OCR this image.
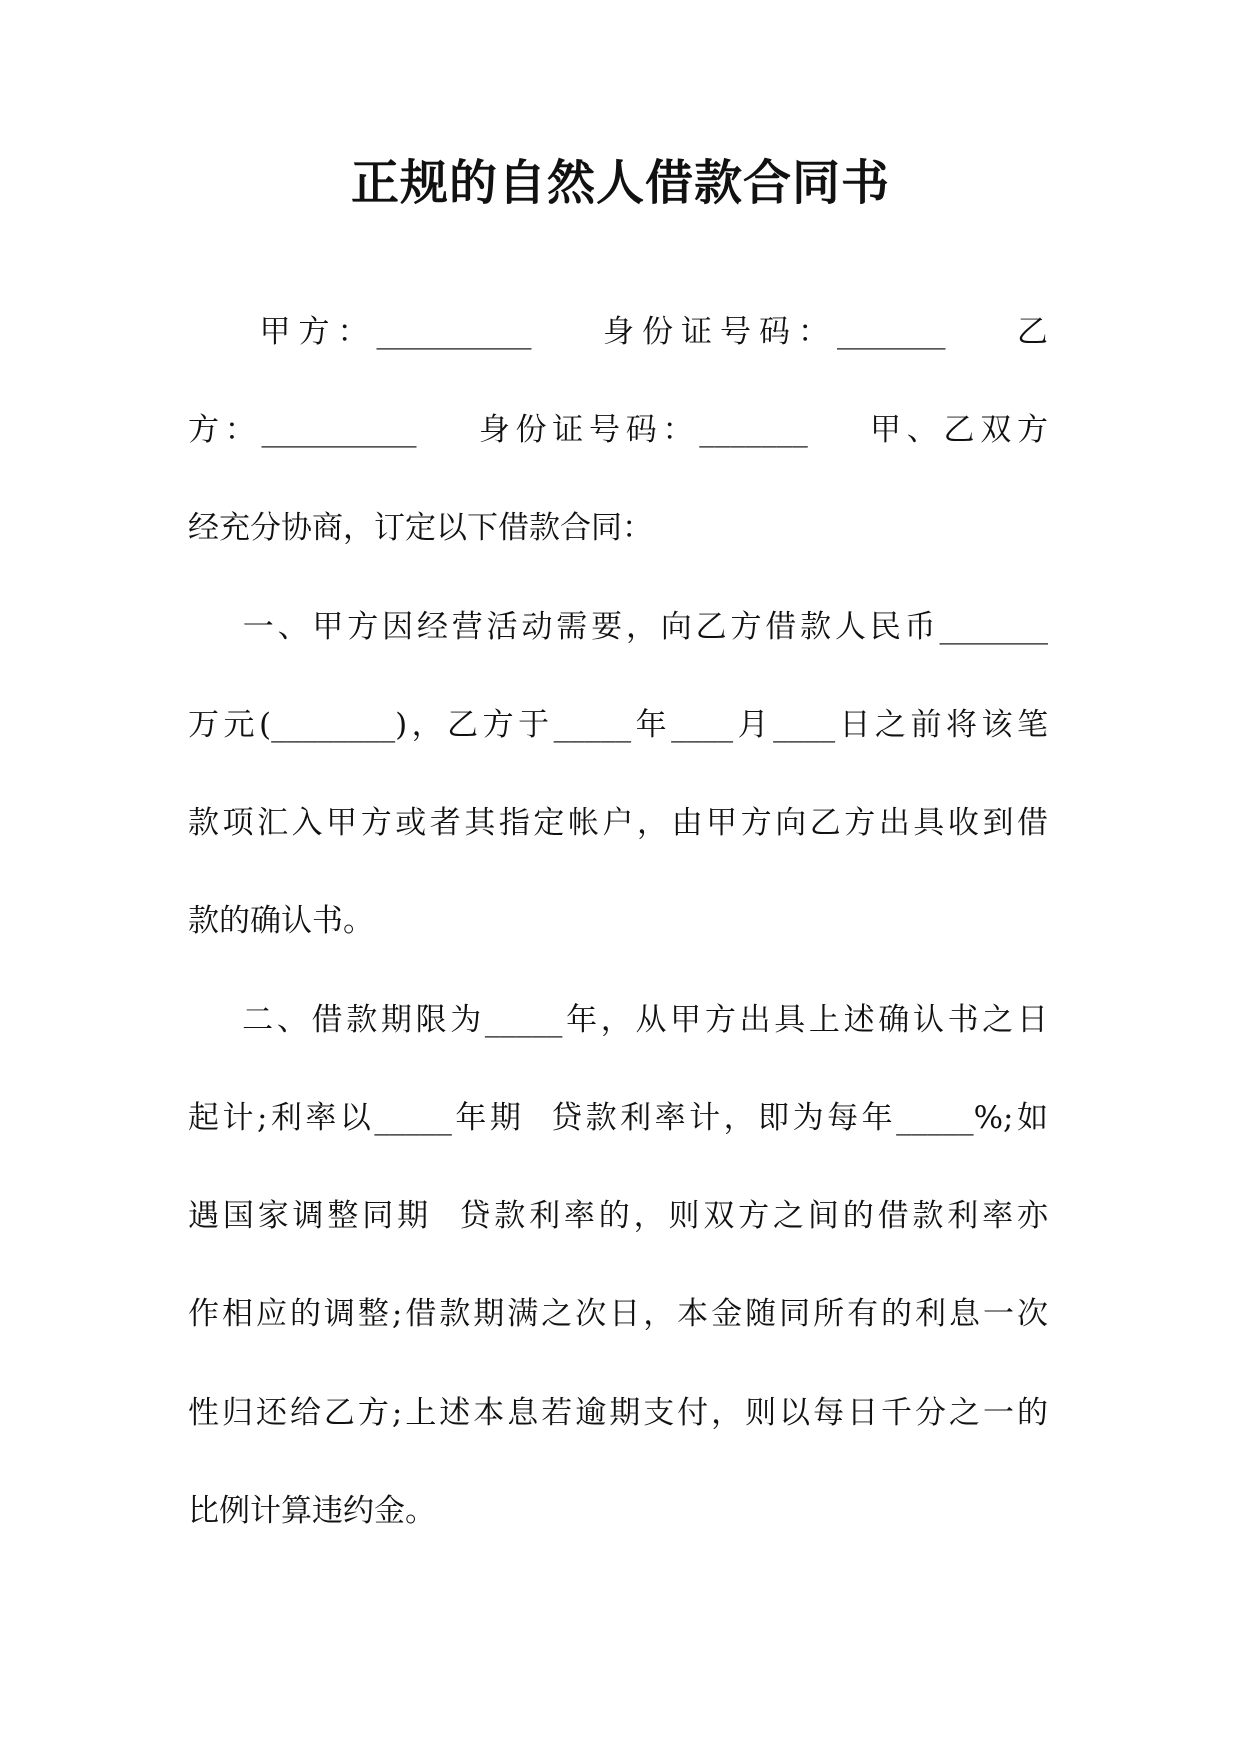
正规的自然人借款合同书

甲方：__________    身份证号码：_______    乙

方：__________    身份证号码：_______    甲、乙双方

经充分协商，订定以下借款合同：

一、甲方因经营活动需要，向乙方借款人民币_______

万元(________)，乙方于_____年____月____日之前将该笔

款项汇入甲方或者其指定帐户，由甲方向乙方出具收到借

款的确认书。

二、借款期限为_____年，从甲方出具上述确认书之日

起计;利率以_____年期  贷款利率计，即为每年_____%;如

遇国家调整同期  贷款利率的，则双方之间的借款利率亦

作相应的调整;借款期满之次日，本金随同所有的利息一次

性归还给乙方;上述本息若逾期支付，则以每日千分之一的

比例计算违约金。
